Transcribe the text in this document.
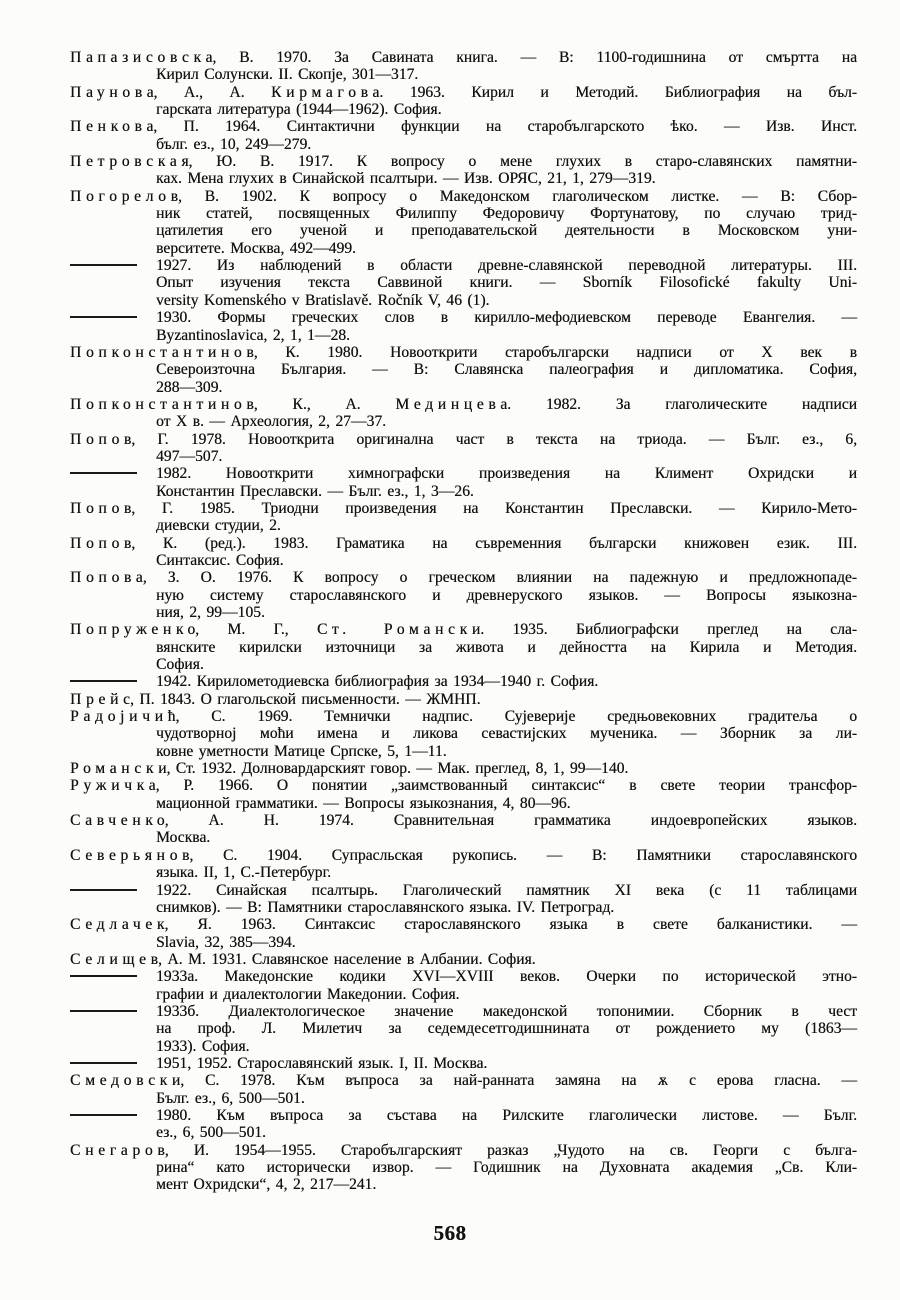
Папазисовска, В. 1970. За Савината книга. — В: 1100-годишнина от смъртта на
Кирил Солунски. II. Скопје, 301—317.
Паунова, А., А. Кирмагова. 1963. Кирил и Методий. Библиография на бъл-
гарската литература (1944—1962). София.
Пенкова, П. 1964. Синтактични функции на старобългарското ѣко. — Изв. Инст.
бълг. ез., 10, 249—279.
Петровская, Ю. В. 1917. К вопросу о мене глухих в старо-славянских памятни-
ках. Мена глухих в Синайской псалтыри. — Изв. ОРЯС, 21, 1, 279—319.
Погорелов, В. 1902. К вопросу о Македонском глаголическом листке. — В: Сбор-
ник статей, посвященных Филиппу Федоровичу Фортунатову, по случаю трид-
цатилетия его ученой и преподавательской деятельности в Московском уни-
верситете. Москва, 492—499.
1927. Из наблюдений в области древне-славянской переводной литературы. III.
Опыт изучения текста Саввиной книги. — Sborník Filosofické fakulty Uni-
versity Komenského v Bratislavě. Ročník V, 46 (1).
1930. Формы греческих слов в кирилло-мефодиевском переводе Евангелия. —
Byzantinoslavica, 2, 1, 1—28.
Попконстантинов, К. 1980. Новооткрити старобългарски надписи от X век в
Североизточна България. — В: Славянска палеография и дипломатика. София,
288—309.
Попконстантинов, К., А. Мединцева. 1982. За глаголическите надписи
от X в. — Археология, 2, 27—37.
Попов, Г. 1978. Новооткрита оригинална част в текста на триода. — Бълг. ез., 6,
497—507.
1982. Новооткрити химнографски произведения на Климент Охридски и
Константин Преславски. — Бълг. ез., 1, 3—26.
Попов, Г. 1985. Триодни произведения на Константин Преславски. — Кирило-Мето-
диевски студии, 2.
Попов, К. (ред.). 1983. Граматика на съвременния български книжовен език. III.
Синтаксис. София.
Попова, З. О. 1976. К вопросу о греческом влиянии на падежную и предложнопаде-
ную систему старославянского и древнеруского языков. — Вопросы языкозна-
ния, 2, 99—105.
Попруженко, М. Г., Ст. Романски. 1935. Библиографски преглед на сла-
вянските кирилски източници за живота и дейността на Кирила и Методия.
София.
1942. Кирилометодиевска библиография за 1934—1940 г. София.
Прейс, П. 1843. О глагольской письменности. — ЖМНП.
Радојичић, С. 1969. Темнички надпис. Сујеверије средњовековних градитеља о
чудотворној моћи имена и ликова севастијских мученика. — Зборник за ли-
ковне уметности Матице Српске, 5, 1—11.
Романски, Ст. 1932. Долновардарският говор. — Мак. преглед, 8, 1, 99—140.
Ружичка, Р. 1966. О понятии „заимствованный синтаксис“ в свете теории трансфор-
мационной грамматики. — Вопросы языкознания, 4, 80—96.
Савченко, А. Н. 1974. Сравнительная грамматика индоевропейских языков.
Москва.
Северьянов, С. 1904. Супрасльская рукопись. — В: Памятники старославянского
языка. II, 1, С.-Петербург.
1922. Синайская псалтырь. Глаголический памятник XI века (с 11 таблицами
снимков). — В: Памятники старославянского языка. IV. Петроград.
Седлачек, Я. 1963. Синтаксис старославянского языка в свете балканистики. —
Slavia, 32, 385—394.
Селищев, А. М. 1931. Славянское население в Албании. София.
1933а. Македонские кодики XVI—XVIII веков. Очерки по исторической этно-
графии и диалектологии Македонии. София.
1933б. Диалектологическое значение македонской топонимии. Сборник в чест
на проф. Л. Милетич за седемдесетгодишнината от рождението му (1863—
1933). София.
1951, 1952. Старославянский язык. I, II. Москва.
Смедовски, С. 1978. Към въпроса за най-ранната замяна на ѫ с ерова гласна. —
Бълг. ез., 6, 500—501.
1980. Към въпроса за състава на Рилските глаголически листове. — Бълг.
ез., 6, 500—501.
Снегаров, И. 1954—1955. Старобългарският разказ „Чудото на св. Георги с бълга-
рина“ като исторически извор. — Годишник на Духовната академия „Св. Кли-
мент Охридски“, 4, 2, 217—241.
568
